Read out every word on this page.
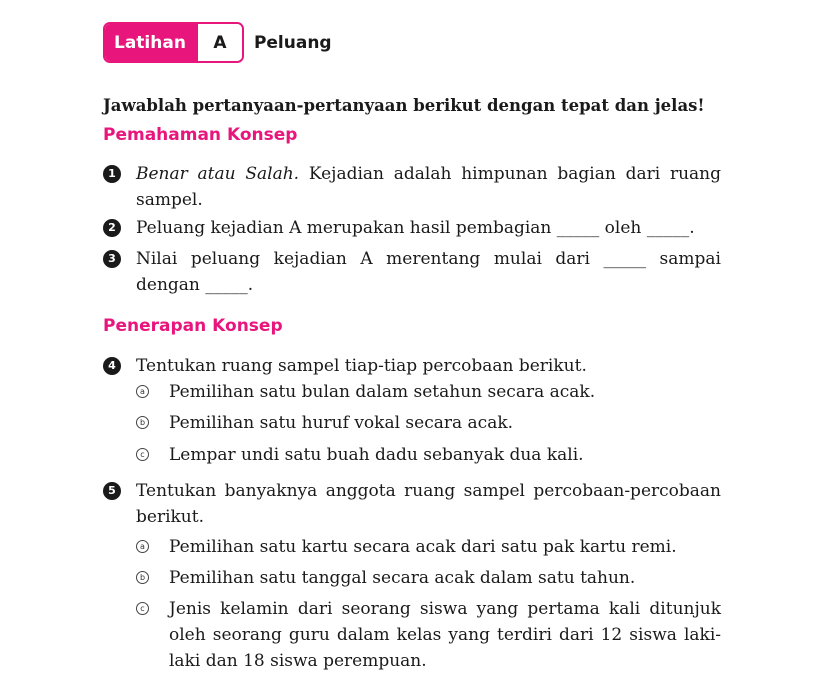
Latihan	A	Peluang
Jawablah pertanyaan-pertanyaan berikut dengan tepat dan jelas!
Pemahaman Konsep
1	Benar atau Salah. Kejadian adalah himpunan bagian dari ruang sampel.
2	Peluang kejadian A merupakan hasil pembagian _____ oleh _____.
3	Nilai peluang kejadian A merentang mulai dari _____ sampai dengan _____.
Penerapan Konsep
4	Tentukan ruang sampel tiap-tiap percobaan berikut.
a Pemilihan satu bulan dalam setahun secara acak.
b Pemilihan satu huruf vokal secara acak.
c Lempar undi satu buah dadu sebanyak dua kali.
5	Tentukan banyaknya anggota ruang sampel percobaan-percobaan berikut.
a Pemilihan satu kartu secara acak dari satu pak kartu remi.
b Pemilihan satu tanggal secara acak dalam satu tahun.
c Jenis kelamin dari seorang siswa yang pertama kali ditunjuk oleh seorang guru dalam kelas yang terdiri dari 12 siswa laki-laki dan 18 siswa perempuan.
